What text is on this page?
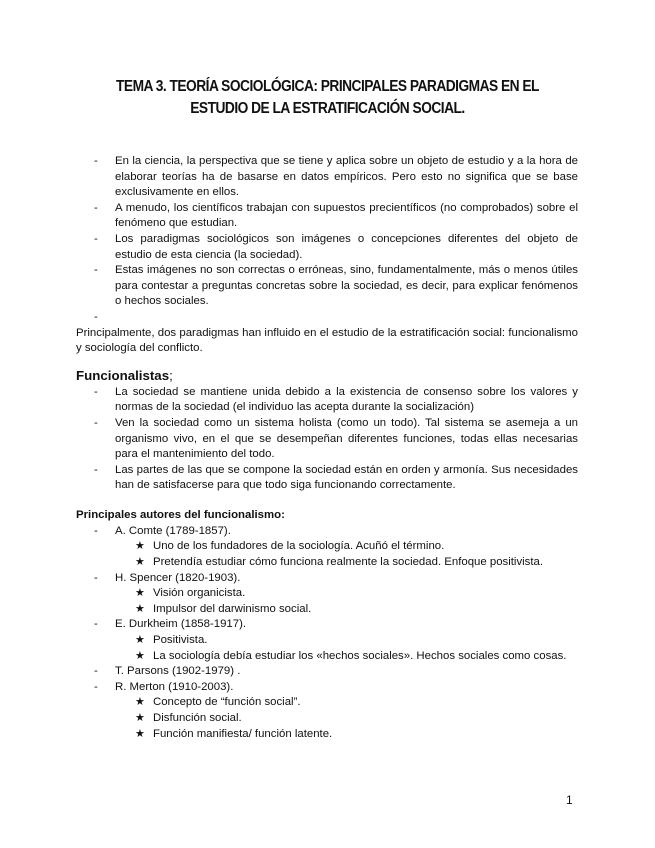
TEMA 3. TEORÍA SOCIOLÓGICA: PRINCIPALES PARADIGMAS EN EL ESTUDIO DE LA ESTRATIFICACIÓN SOCIAL.
- En la ciencia, la perspectiva que se tiene y aplica sobre un objeto de estudio y a la hora de elaborar teorías ha de basarse en datos empíricos. Pero esto no significa que se base exclusivamente en ellos.
- A menudo, los científicos trabajan con supuestos precientíficos (no comprobados) sobre el fenómeno que estudian.
- Los paradigmas sociológicos son imágenes o concepciones diferentes del objeto de estudio de esta ciencia (la sociedad).
- Estas imágenes no son correctas o erróneas, sino, fundamentalmente, más o menos útiles para contestar a preguntas concretas sobre la sociedad, es decir, para explicar fenómenos o hechos sociales.
-

Principalmente, dos paradigmas han influido en el estudio de la estratificación social: funcionalismo y sociología del conflicto.

Funcionalistas;
- La sociedad se mantiene unida debido a la existencia de consenso sobre los valores y normas de la sociedad (el individuo las acepta durante la socialización)
- Ven la sociedad como un sistema holista (como un todo). Tal sistema se asemeja a un organismo vivo, en el que se desempeñan diferentes funciones, todas ellas necesarias para el mantenimiento del todo.
- Las partes de las que se compone la sociedad están en orden y armonía. Sus necesidades han de satisfacerse para que todo siga funcionando correctamente.
Principales autores del funcionalismo:
- A. Comte (1789-1857).
★ Uno de los fundadores de la sociología. Acuñó el término.
★ Pretendía estudiar cómo funciona realmente la sociedad. Enfoque positivista.
- H. Spencer (1820-1903).
★ Visión organicista.
★ Impulsor del darwinismo social.
- E. Durkheim (1858-1917).
★ Positivista.
★ La sociología debía estudiar los «hechos sociales». Hechos sociales como cosas.
- T. Parsons (1902-1979) .
- R. Merton (1910-2003).
★ Concepto de “función social”.
★ Disfunción social.
★ Función manifiesta/ función latente.
1
